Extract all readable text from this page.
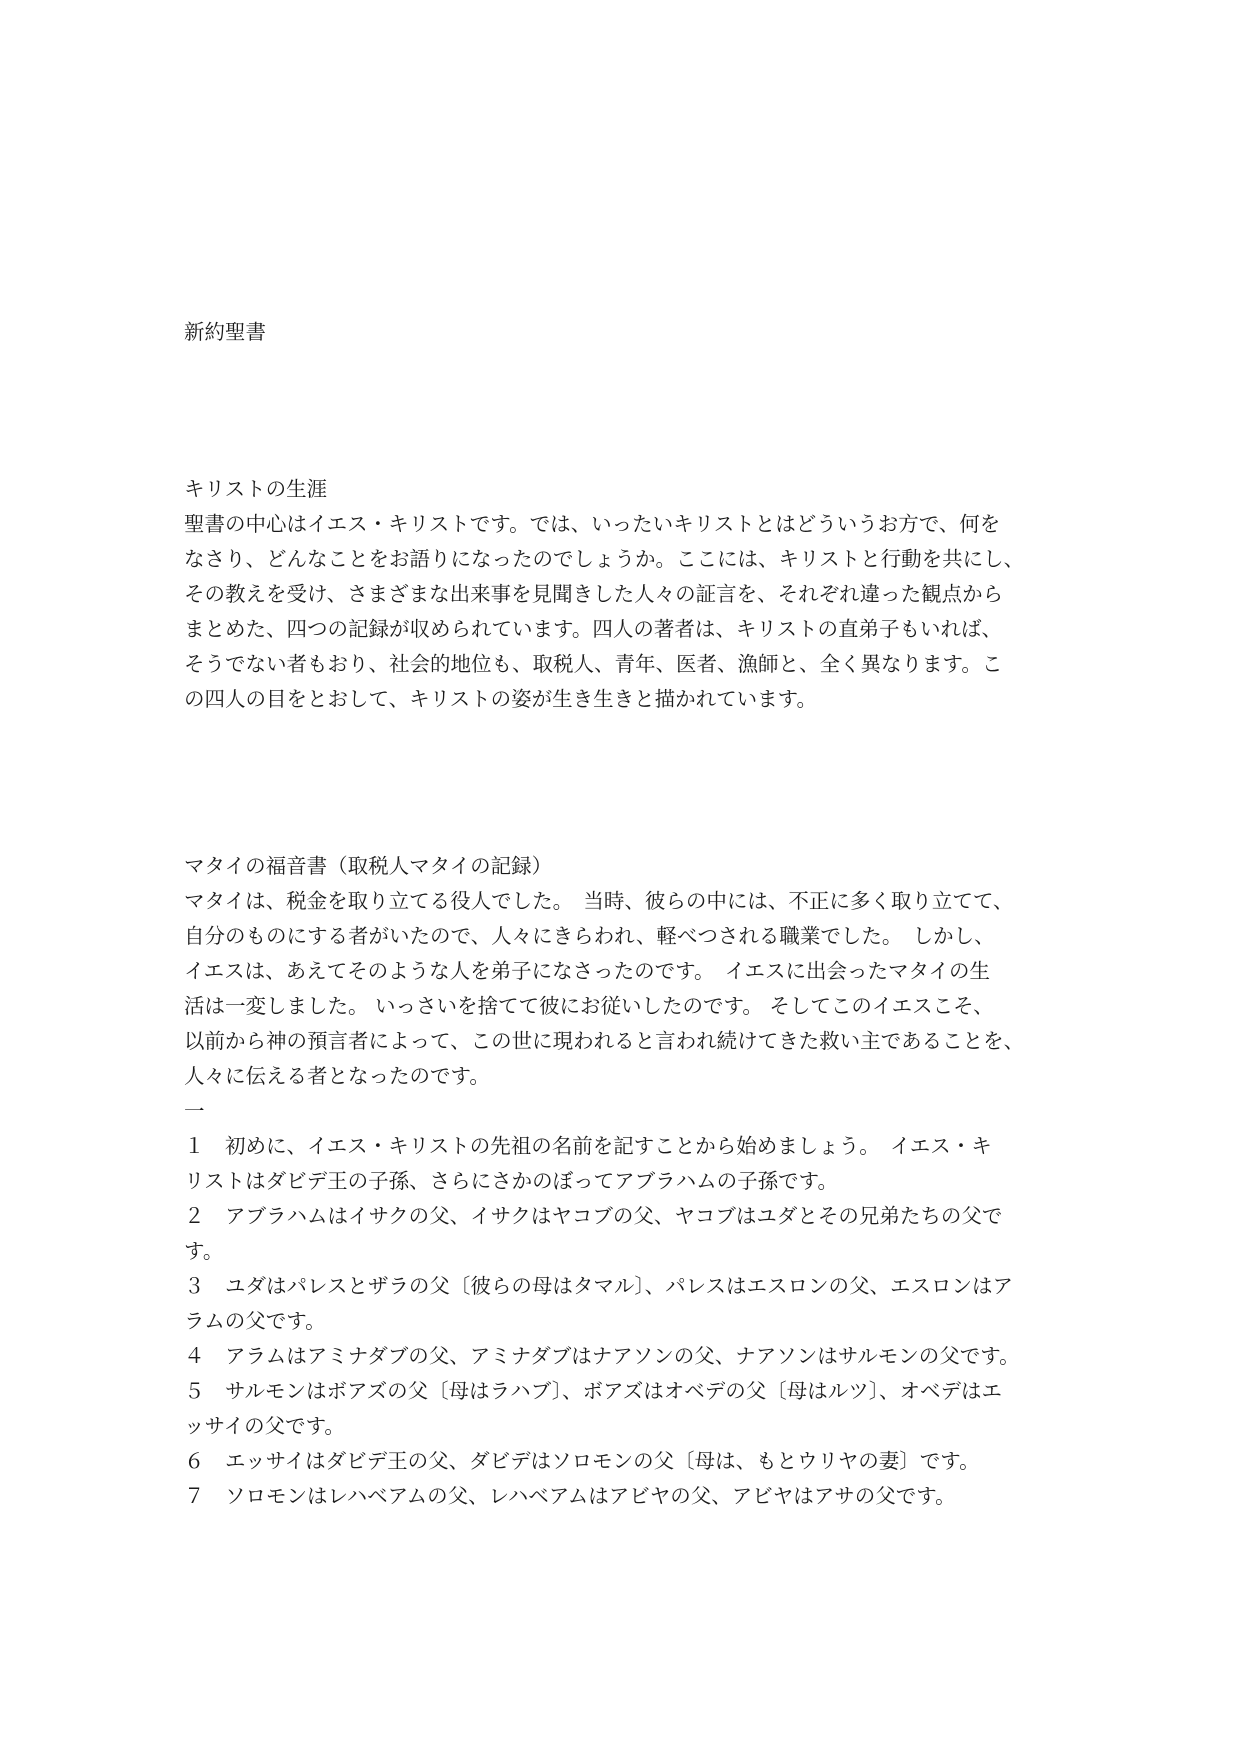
新約聖書

キリストの生涯

聖書の中心はイエス・キリストです。では、いったいキリストとはどういうお方で、何を
なさり、どんなことをお語りになったのでしょうか。ここには、キリストと行動を共にし、
その教えを受け、さまざまな出来事を見聞きした人々の証言を、それぞれ違った観点から
まとめた、四つの記録が収められています。四人の著者は、キリストの直弟子もいれば、
そうでない者もおり、社会的地位も、取税人、青年、医者、漁師と、全く異なります。こ
の四人の目をとおして、キリストの姿が生き生きと描かれています。

マタイの福音書（取税人マタイの記録）

マタイは、税金を取り立てる役人でした。　当時、彼らの中には、不正に多く取り立てて、
自分のものにする者がいたので、人々にきらわれ、軽べつされる職業でした。　しかし、
イエスは、あえてそのような人を弟子になさったのです。　イエスに出会ったマタイの生
活は一変しました。 いっさいを捨てて彼にお従いしたのです。 そしてこのイエスこそ、
以前から神の預言者によって、この世に現われると言われ続けてきた救い主であることを、
人々に伝える者となったのです。

一

１　初めに、イエス・キリストの先祖の名前を記すことから始めましょう。　イエス・キ
リストはダビデ王の子孫、さらにさかのぼってアブラハムの子孫です。
２　アブラハムはイサクの父、イサクはヤコブの父、ヤコブはユダとその兄弟たちの父で
す。
３　ユダはパレスとザラの父〔彼らの母はタマル〕、パレスはエスロンの父、エスロンはア
ラムの父です。
４　アラムはアミナダブの父、アミナダブはナアソンの父、ナアソンはサルモンの父です。
５　サルモンはボアズの父〔母はラハブ〕、ボアズはオベデの父〔母はルツ〕、オベデはエ
ッサイの父です。
６　エッサイはダビデ王の父、ダビデはソロモンの父〔母は、もとウリヤの妻〕です。
７　ソロモンはレハベアムの父、レハベアムはアビヤの父、アビヤはアサの父です。
